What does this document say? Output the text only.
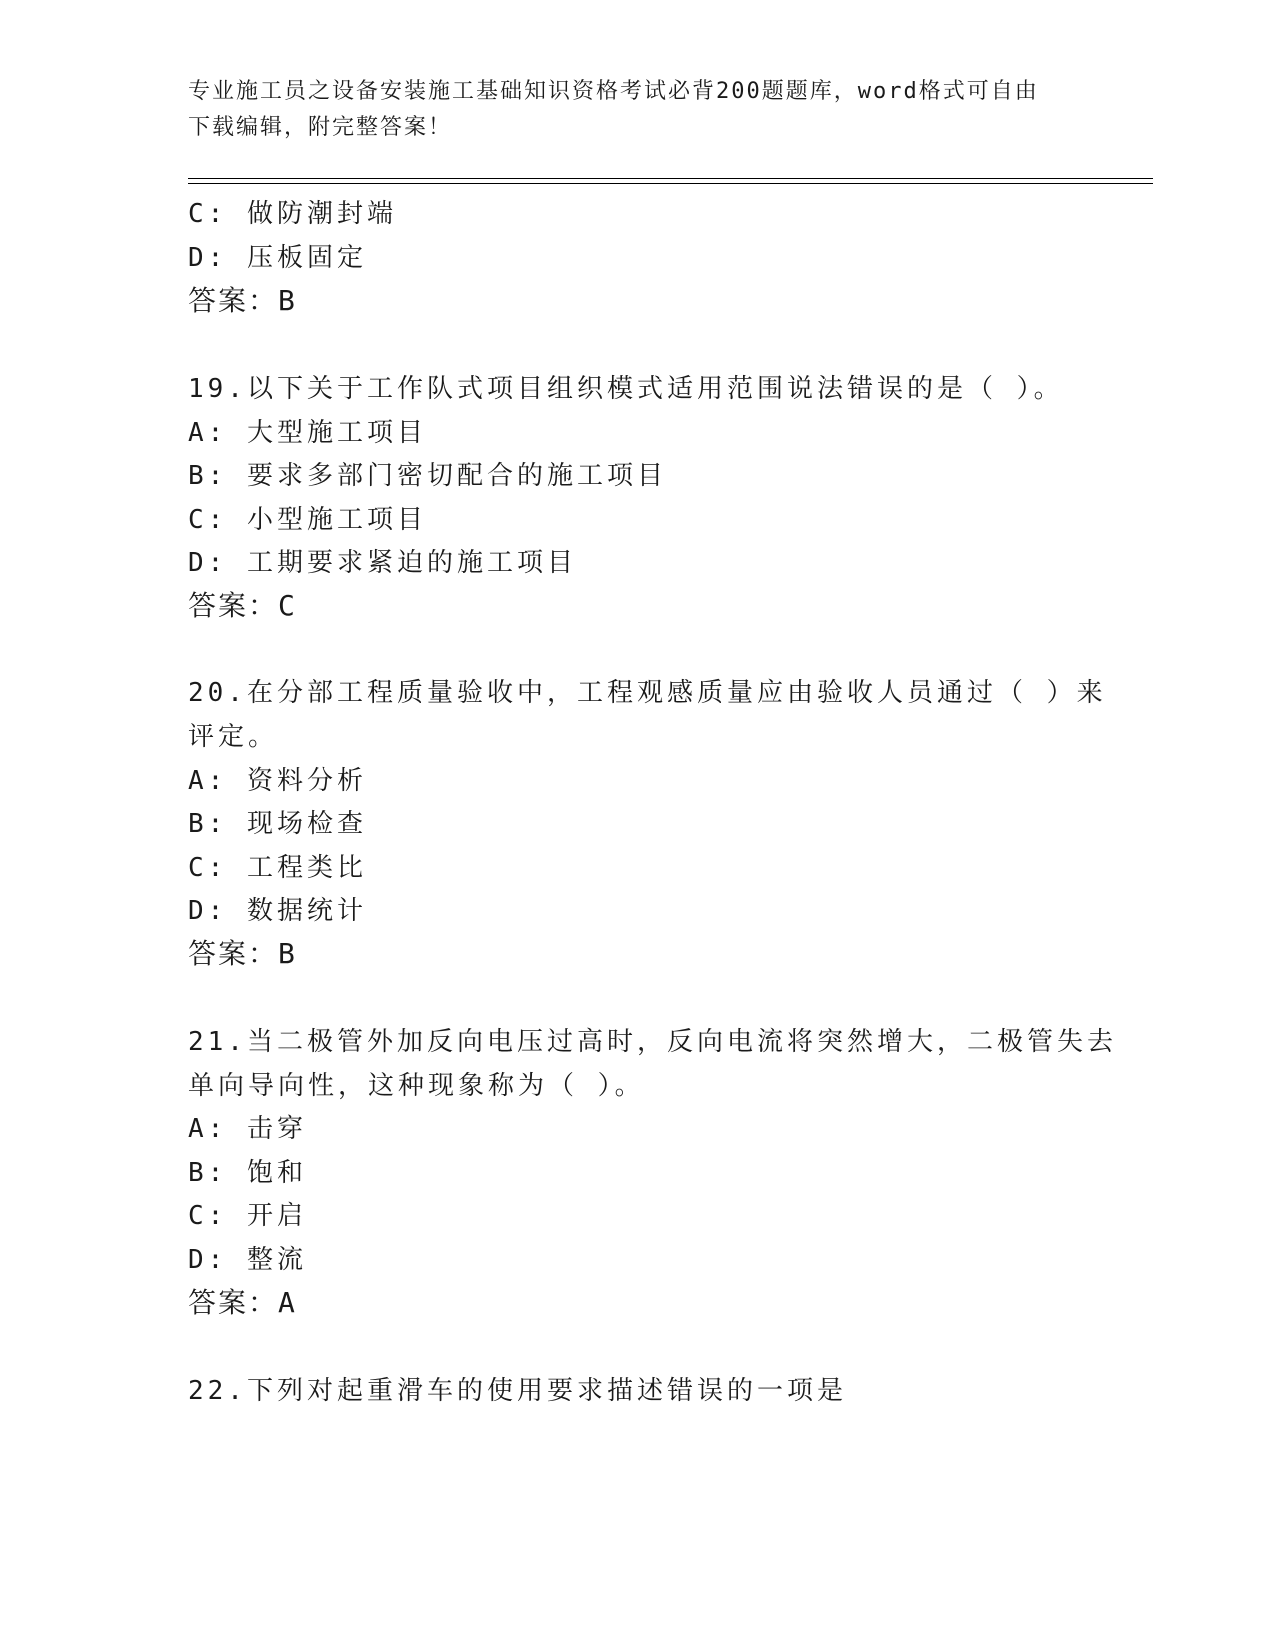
专业施工员之设备安装施工基础知识资格考试必背200题题库，word格式可自由
下载编辑，附完整答案！
C: 做防潮封端
D: 压板固定
答案：B
19.以下关于工作队式项目组织模式适用范围说法错误的是（ ）。
A: 大型施工项目
B: 要求多部门密切配合的施工项目
C: 小型施工项目
D: 工期要求紧迫的施工项目
答案：C
20.在分部工程质量验收中，工程观感质量应由验收人员通过（ ）来
评定。
A: 资料分析
B: 现场检查
C: 工程类比
D: 数据统计
答案：B
21.当二极管外加反向电压过高时，反向电流将突然增大，二极管失去
单向导向性，这种现象称为（ ）。
A: 击穿
B: 饱和
C: 开启
D: 整流
答案：A
22.下列对起重滑车的使用要求描述错误的一项是
